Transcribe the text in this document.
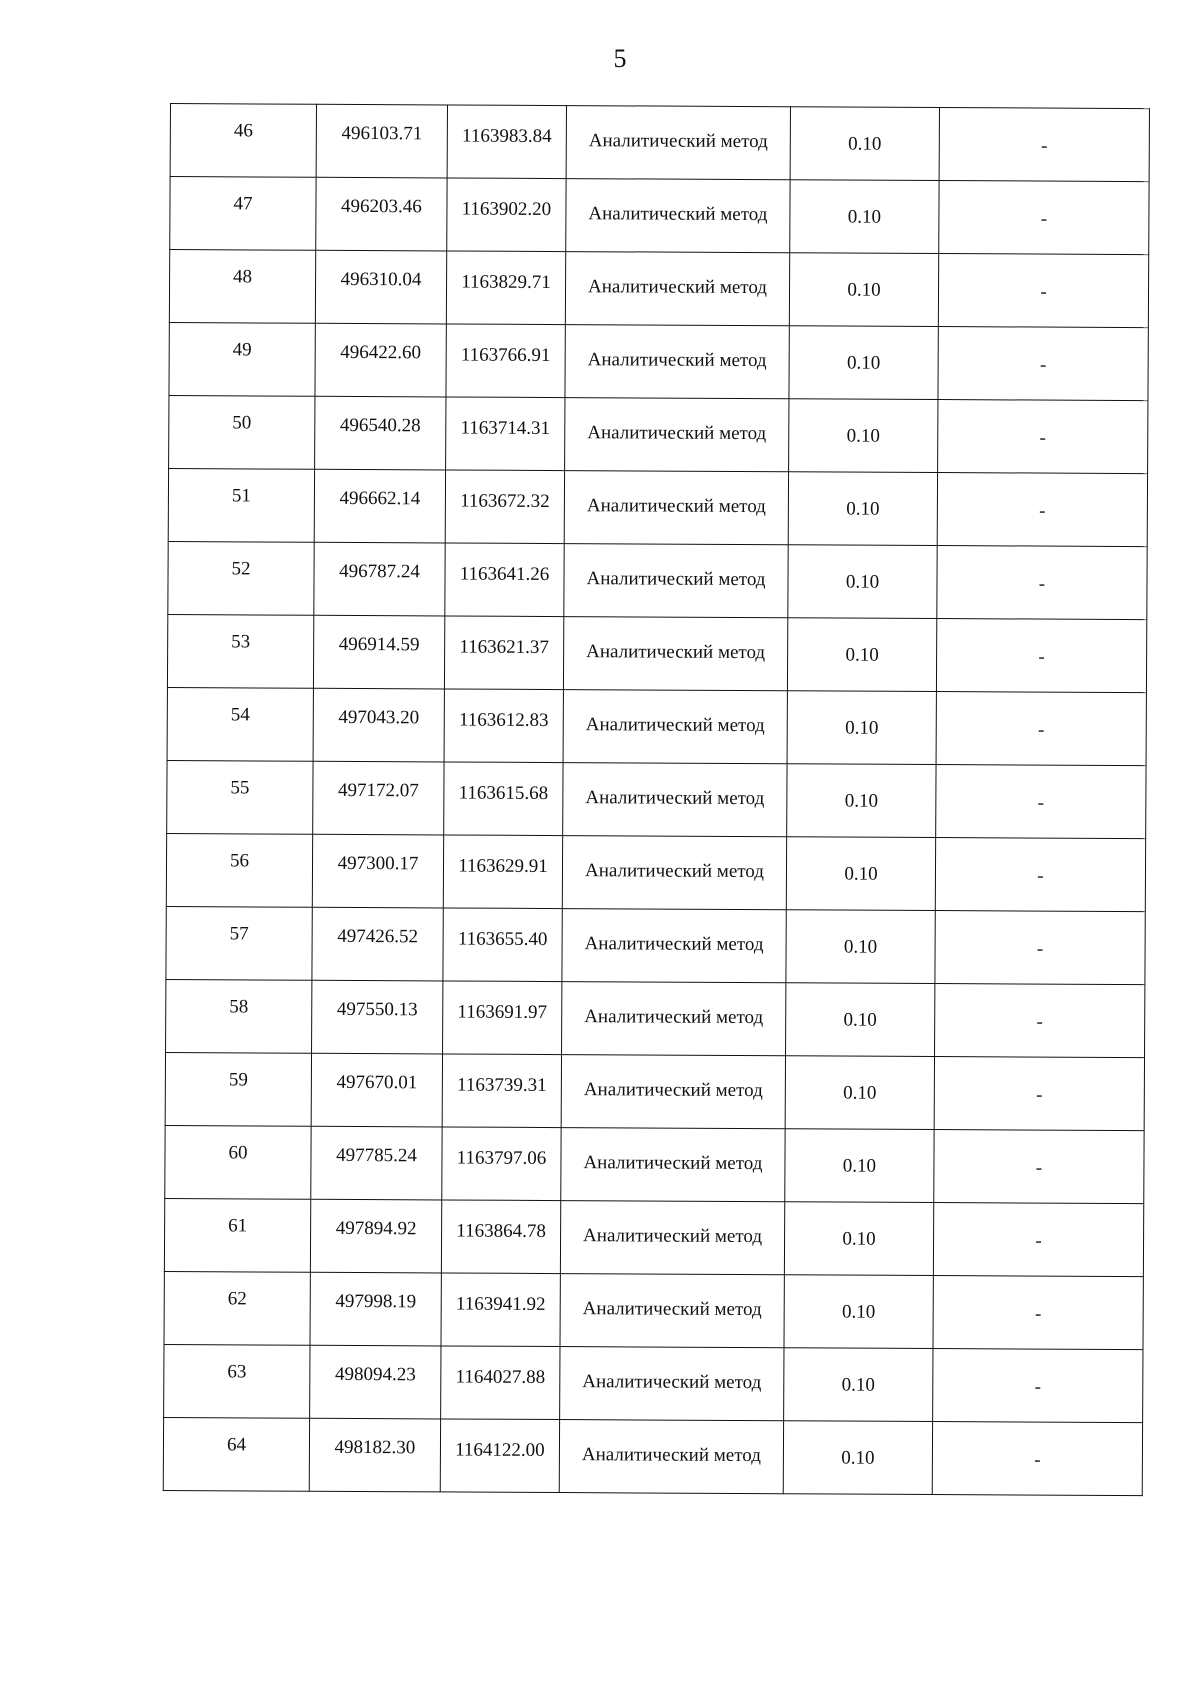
5
46	496103.71	1163983.84	Аналитический метод	0.10	-
47	496203.46	1163902.20	Аналитический метод	0.10	-
48	496310.04	1163829.71	Аналитический метод	0.10	-
49	496422.60	1163766.91	Аналитический метод	0.10	-
50	496540.28	1163714.31	Аналитический метод	0.10	-
51	496662.14	1163672.32	Аналитический метод	0.10	-
52	496787.24	1163641.26	Аналитический метод	0.10	-
53	496914.59	1163621.37	Аналитический метод	0.10	-
54	497043.20	1163612.83	Аналитический метод	0.10	-
55	497172.07	1163615.68	Аналитический метод	0.10	-
56	497300.17	1163629.91	Аналитический метод	0.10	-
57	497426.52	1163655.40	Аналитический метод	0.10	-
58	497550.13	1163691.97	Аналитический метод	0.10	-
59	497670.01	1163739.31	Аналитический метод	0.10	-
60	497785.24	1163797.06	Аналитический метод	0.10	-
61	497894.92	1163864.78	Аналитический метод	0.10	-
62	497998.19	1163941.92	Аналитический метод	0.10	-
63	498094.23	1164027.88	Аналитический метод	0.10	-
64	498182.30	1164122.00	Аналитический метод	0.10	-
